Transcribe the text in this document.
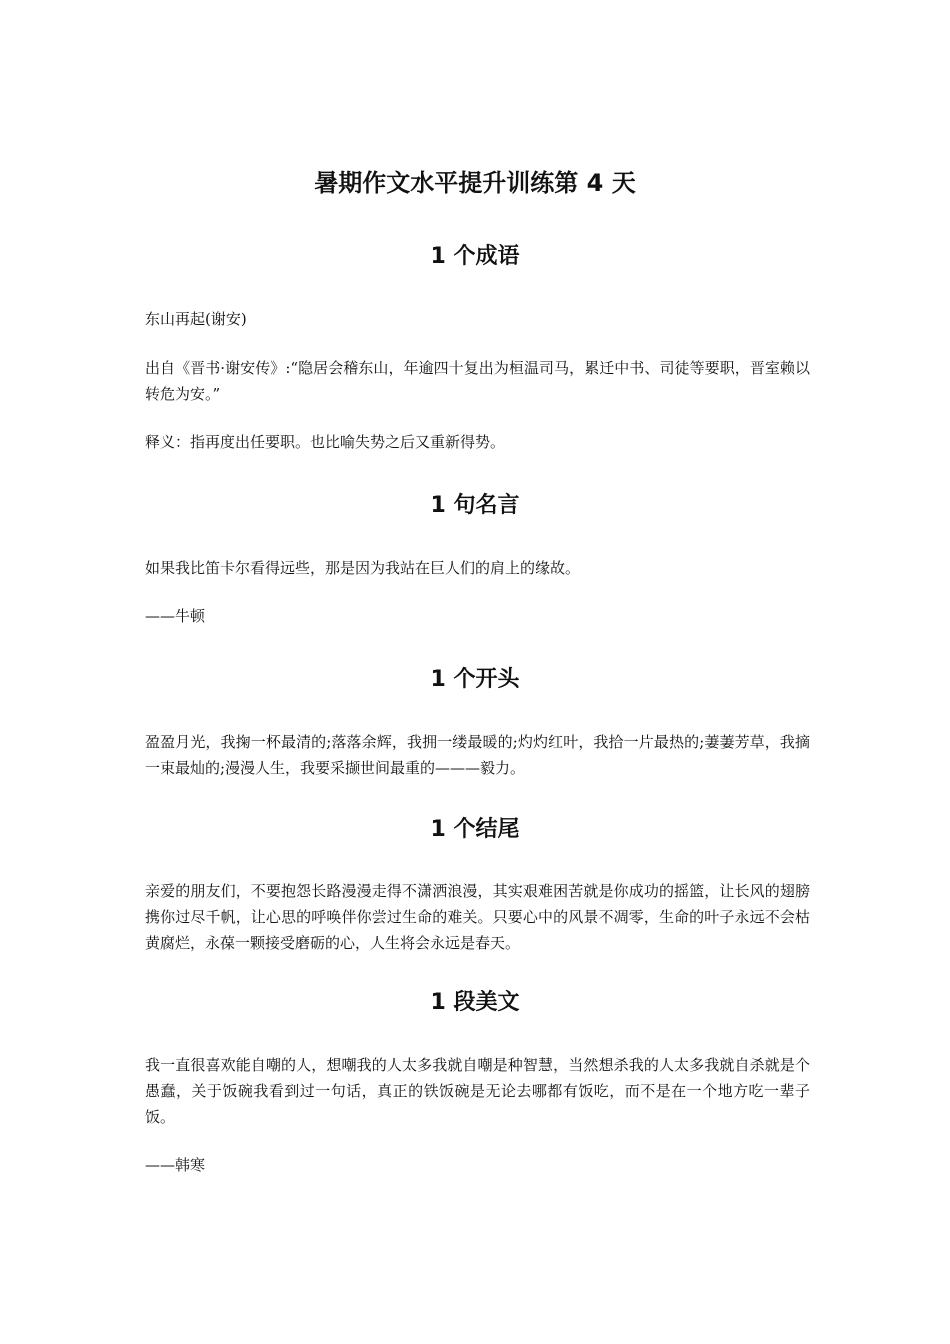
暑期作文水平提升训练第 4 天
1 个成语

东山再起(谢安)

出自《晋书·谢安传》:“隐居会稽东山，年逾四十复出为桓温司马，累迁中书、司徒等要职，晋室赖以转危为安。”

释义：指再度出任要职。也比喻失势之后又重新得势。

1 句名言

如果我比笛卡尔看得远些，那是因为我站在巨人们的肩上的缘故。

——牛顿

1 个开头

盈盈月光，我掬一杯最清的;落落余辉，我拥一缕最暖的;灼灼红叶，我拾一片最热的;萋萋芳草，我摘一束最灿的;漫漫人生，我要采撷世间最重的———毅力。

1 个结尾

亲爱的朋友们，不要抱怨长路漫漫走得不潇洒浪漫，其实艰难困苦就是你成功的摇篮，让长风的翅膀携你过尽千帆，让心思的呼唤伴你尝过生命的难关。只要心中的风景不凋零，生命的叶子永远不会枯黄腐烂，永葆一颗接受磨砺的心，人生将会永远是春天。

1 段美文

我一直很喜欢能自嘲的人，想嘲我的人太多我就自嘲是种智慧，当然想杀我的人太多我就自杀就是个愚蠢，关于饭碗我看到过一句话，真正的铁饭碗是无论去哪都有饭吃，而不是在一个地方吃一辈子饭。

——韩寒
